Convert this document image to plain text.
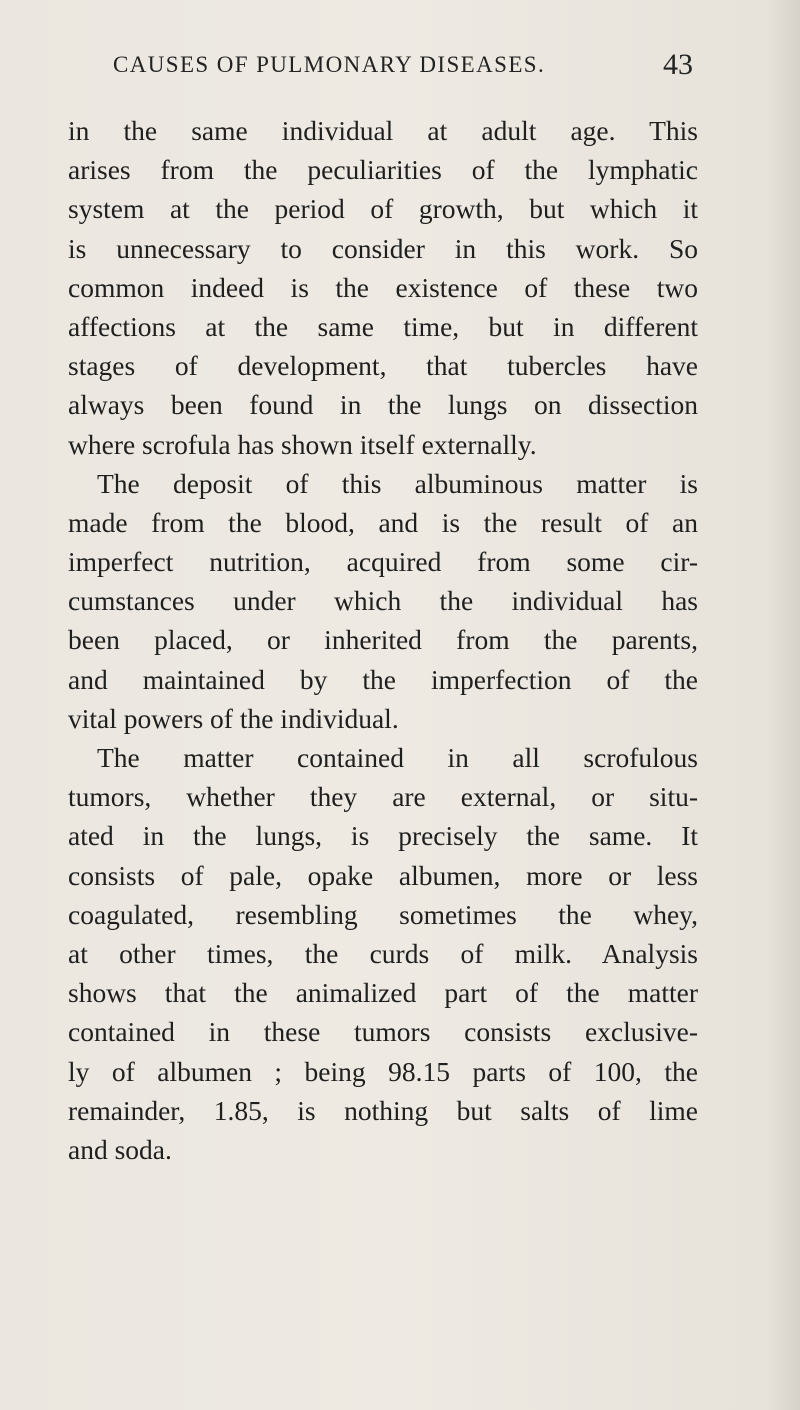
CAUSES OF PULMONARY DISEASES.	43
in the same individual at adult age. This
arises from the peculiarities of the lymphatic
system at the period of growth, but which it
is unnecessary to consider in this work. So
common indeed is the existence of these two
affections at the same time, but in different
stages of development, that tubercles have
always been found in the lungs on dissection
where scrofula has shown itself externally.
The deposit of this albuminous matter is
made from the blood, and is the result of an
imperfect nutrition, acquired from some cir-
cumstances under which the individual has
been placed, or inherited from the parents,
and maintained by the imperfection of the
vital powers of the individual.
The matter contained in all scrofulous
tumors, whether they are external, or situ-
ated in the lungs, is precisely the same. It
consists of pale, opake albumen, more or less
coagulated, resembling sometimes the whey,
at other times, the curds of milk. Analysis
shows that the animalized part of the matter
contained in these tumors consists exclusive-
ly of albumen ; being 98.15 parts of 100, the
remainder, 1.85, is nothing but salts of lime
and soda.
